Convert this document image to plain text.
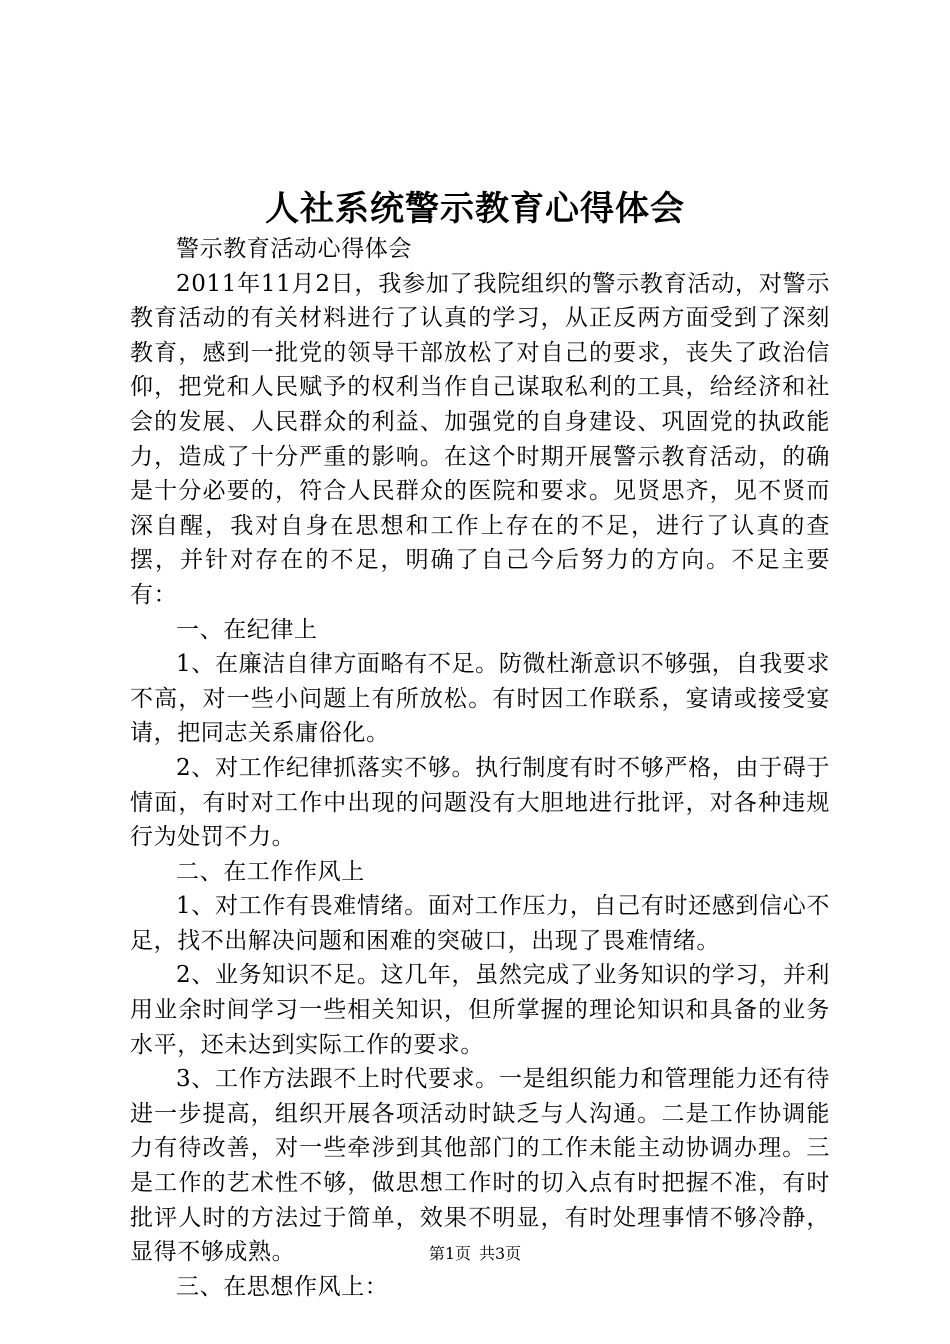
人社系统警示教育心得体会

警示教育活动心得体会

2011年11月2日，我参加了我院组织的警示教育活动，对警示教育活动的有关材料进行了认真的学习，从正反两方面受到了深刻教育，感到一批党的领导干部放松了对自己的要求，丧失了政治信仰，把党和人民赋予的权利当作自己谋取私利的工具，给经济和社会的发展、人民群众的利益、加强党的自身建设、巩固党的执政能力，造成了十分严重的影响。在这个时期开展警示教育活动，的确是十分必要的，符合人民群众的医院和要求。见贤思齐，见不贤而深自醒，我对自身在思想和工作上存在的不足，进行了认真的查摆，并针对存在的不足，明确了自己今后努力的方向。不足主要有：

一、在纪律上

1、在廉洁自律方面略有不足。防微杜渐意识不够强，自我要求不高，对一些小问题上有所放松。有时因工作联系，宴请或接受宴请，把同志关系庸俗化。

2、对工作纪律抓落实不够。执行制度有时不够严格，由于碍于情面，有时对工作中出现的问题没有大胆地进行批评，对各种违规行为处罚不力。

二、在工作作风上

1、对工作有畏难情绪。面对工作压力，自己有时还感到信心不足，找不出解决问题和困难的突破口，出现了畏难情绪。

2、业务知识不足。这几年，虽然完成了业务知识的学习，并利用业余时间学习一些相关知识，但所掌握的理论知识和具备的业务水平，还未达到实际工作的要求。

3、工作方法跟不上时代要求。一是组织能力和管理能力还有待进一步提高，组织开展各项活动时缺乏与人沟通。二是工作协调能力有待改善，对一些牵涉到其他部门的工作未能主动协调办理。三是工作的艺术性不够，做思想工作时的切入点有时把握不准，有时批评人时的方法过于简单，效果不明显，有时处理事情不够冷静，显得不够成熟。

三、在思想作风上：

第1页 共3页
